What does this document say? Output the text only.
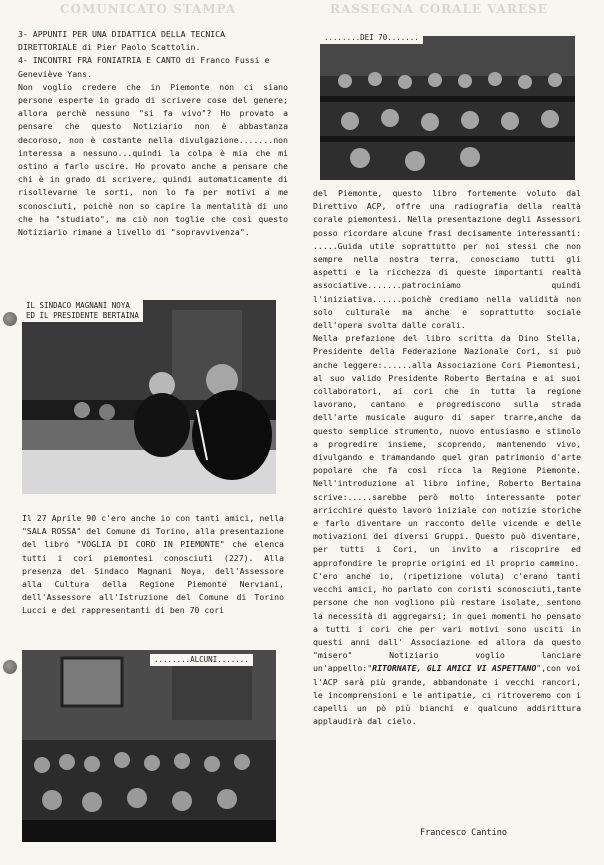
RASSEGNA CORALE VARESE
COMUNICATO STAMPA

3- APPUNTI PER UNA DIDATTICA DELLA TECNICA DIRETTORIALE di Pier Paolo Scattolin.

4- INCONTRI FRA FONIATRIA E CANTO di Franco Fussi e Geneviève Yans.

Non voglio credere che in Piemonte non ci siano persone esperte in grado di scrivere cose del genere; allora perchè nessuno "si fa vivo"? Ho provato a pensare che questo Notiziario non è abbastanza decoroso, non è costante nella divulgazione.......non interessa a nessuno...quindi la colpa è mia che mi ostino a farlo uscire. Ho provato anche a pensare che chi è in grado di scrivere, quindi automaticamente di risollevarne le sorti, non lo fa per motivi a me sconosciuti, poichè non so capire la mentalità di uno che ha "studiato", ma ciò non toglie che così questo Notiziario rimane a livello di "sopravvivenza".

IL SINDACO MAGNANI NOYA
ED IL PRESIDENTE BERTAINA

Il 27 Aprile 90 c'ero anche io con tanti amici, nella "SALA ROSSA" del Comune di Torino, alla presentazione del libro "VOGLIA DI CORO IN PIEMONTE" che elenca tutti i cori piemontesi conosciuti (227). Alla presenza del Sindaco Magnani Noya, dell'Assessore alla Cultura della Regione Piemonte Nerviani, dell'Assessore all'Istruzione del Comune di Torino Lucci e dei rappresentanti di ben 70 cori

........ALCUNI.......
........DEI 70.......

del Piemonte, questo libro fortemente voluto dal Direttivo ACP, offre una radiografia della realtà corale piemontesi. Nella presentazione degli Assessori posso ricordare alcune frasi decisamente interessanti: .....Guida utile soprattutto per noi stessi che non sempre nella nostra terra, conosciamo tutti gli aspetti e la ricchezza di queste importanti realtà associative.......patrociniamo quindi l'iniziativa......poichè crediamo nella validità non solo culturale ma anche e soprattutto sociale dell'opera svolta dalle corali.

Nella prefazione del libro scritta da Dino Stella, Presidente della Federazione Nazionale Cori, si può anche leggere:......alla Associazione Cori Piemontesi, al suo valido Presidente Roberto Bertaina e ai suoi collaboratori, ai cori che in tutta la regione lavorano, cantano e progrediscono sulla strada dell'arte musicale auguro di saper trarre,anche da questo semplice strumento, nuovo entusiasmo e stimolo a progredire insieme, scoprendo, mantenendo vivo, divulgando e tramandando quel gran patrimonio d'arte popolare che fa così ricca la Regione Piemonte. Nell'introduzione al libro infine, Roberto Bertaina scrive:.....sarebbe però molto interessante poter arricchire questo lavoro iniziale con notizie storiche e farlo diventare un racconto delle vicende e delle motivazioni dei diversi Gruppi. Questo può diventare, per tutti i Cori, un invito a riscoprire ed approfondire le proprie origini ed il proprio cammino.

C'ero anche io, (ripetizione voluta) c'erano tanti vecchi amici, ho parlato con coristi sconosciuti,tante persone che non vogliono più restare isolate, sentono la necessità di aggregarsi; in quei momenti ho pensato a tutti i cori che per vari motivi sono usciti in questi anni dall' Associazione ed allora da questo "misero" Notiziario voglio lanciare un'appello:"RITORNATE, GLI AMICI VI ASPETTANO",con voi l'ACP sarà più grande, abbandonate i vecchi rancori, le incomprensioni e le antipatie, ci ritroveremo con i capelli un pò più bianchi e qualcuno addirittura applaudirà dal cielo.

Francesco Cantino
